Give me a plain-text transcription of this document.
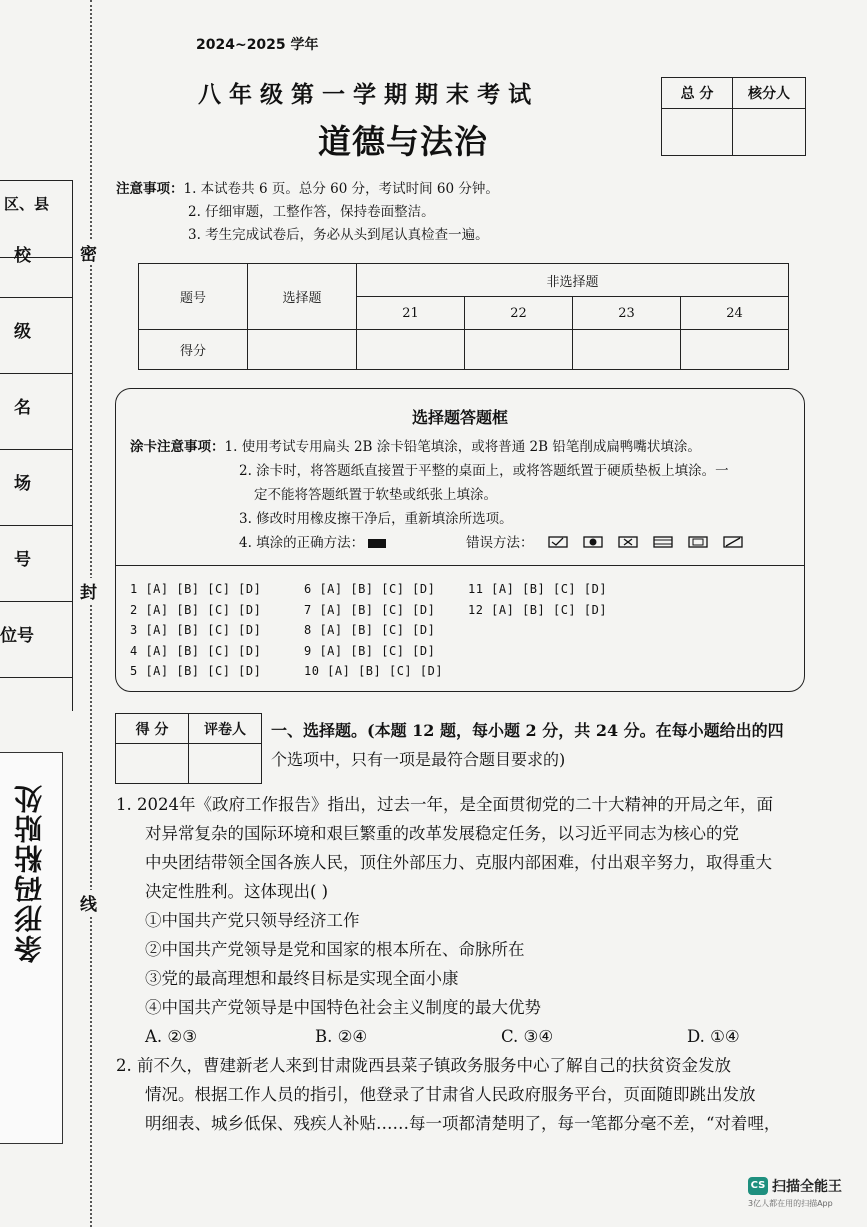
区、县
校
级
名
场
号
位号
条形码粘贴处
密
封
线
2024~2025 学年
八 年 级 第 一 学 期 期 末 考 试
道德与法治
总 分	核分人

注意事项：1. 本试卷共 6 页。总分 60 分，考试时间 60 分钟。
2. 仔细审题，工整作答，保持卷面整洁。
3. 考生完成试卷后，务必从头到尾认真检查一遍。
题号	选择题	非选择题			
		21	22	23	24
得分					
选择题答题框
涂卡注意事项：1. 使用考试专用扁头 2B 涂卡铅笔填涂，或将普通 2B 铅笔削成扁鸭嘴状填涂。
2. 涂卡时，将答题纸直接置于平整的桌面上，或将答题纸置于硬质垫板上填涂。一
定不能将答题纸置于软垫或纸张上填涂。
3. 修改时用橡皮擦干净后，重新填涂所选项。
4. 填涂的正确方法：	错误方法：
1 [A] [B] [C] [D]
2 [A] [B] [C] [D]
3 [A] [B] [C] [D]
4 [A] [B] [C] [D]
5 [A] [B] [C] [D]
6 [A] [B] [C] [D]
7 [A] [B] [C] [D]
8 [A] [B] [C] [D]
9 [A] [B] [C] [D]
10 [A] [B] [C] [D]
11 [A] [B] [C] [D]
12 [A] [B] [C] [D]
得 分	评卷人
	一、选择题。(本题 12 题，每小题 2 分，共 24 分。在每小题给出的四
个选项中，只有一项是最符合题目要求的)
1. 2024年《政府工作报告》指出，过去一年，是全面贯彻党的二十大精神的开局之年，面
对异常复杂的国际环境和艰巨繁重的改革发展稳定任务，以习近平同志为核心的党
中央团结带领全国各族人民，顶住外部压力、克服内部困难，付出艰辛努力，取得重大
决定性胜利。这体现出( )
①中国共产党只领导经济工作
②中国共产党领导是党和国家的根本所在、命脉所在
③党的最高理想和最终目标是实现全面小康
④中国共产党领导是中国特色社会主义制度的最大优势
A. ②③	B. ②④	C. ③④	D. ①④
2. 前不久，曹建新老人来到甘肃陇西县菜子镇政务服务中心了解自己的扶贫资金发放
情况。根据工作人员的指引，他登录了甘肃省人民政府服务平台，页面随即跳出发放
明细表、城乡低保、残疾人补贴……每一项都清楚明了，每一笔都分毫不差，“对着哩，
CS 扫描全能王
3亿人都在用的扫描App
